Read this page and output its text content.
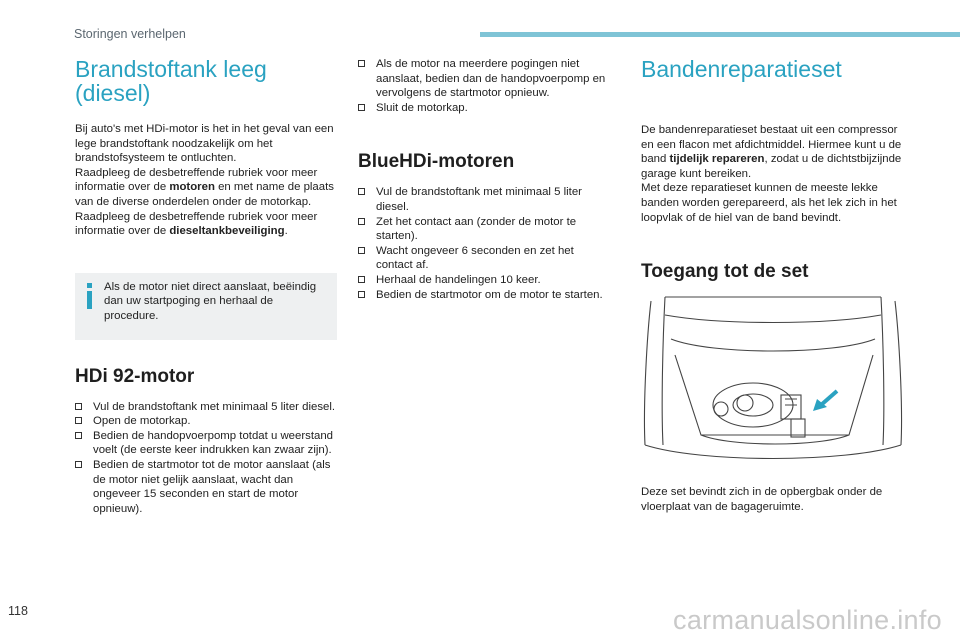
Storingen verhelpen
Brandstoftank leeg (diesel)

Bij auto's met HDi-motor is het in het geval van een lege brandstoftank noodzakelijk om het brandstofsysteem te ontluchten.

Raadpleeg de desbetreffende rubriek voor meer informatie over de motoren en met name de plaats van de diverse onderdelen onder de motorkap.

Raadpleeg de desbetreffende rubriek voor meer informatie over de dieseltankbeveiliging.

Als de motor niet direct aanslaat, beëindig dan uw startpoging en herhaal de procedure.
HDi 92-motor
Vul de brandstoftank met minimaal 5 liter diesel.
Open de motorkap.
Bedien de handopvoerpomp totdat u weerstand voelt (de eerste keer indrukken kan zwaar zijn).
Bedien de startmotor tot de motor aanslaat (als de motor niet gelijk aanslaat, wacht dan ongeveer 15 seconden en start de motor opnieuw).
Als de motor na meerdere pogingen niet aanslaat, bedien dan de handopvoerpomp en vervolgens de startmotor opnieuw.
Sluit de motorkap.
BlueHDi-motoren
Vul de brandstoftank met minimaal 5 liter diesel.
Zet het contact aan (zonder de motor te starten).
Wacht ongeveer 6 seconden en zet het contact af.
Herhaal de handelingen 10 keer.
Bedien de startmotor om de motor te starten.
Bandenreparatieset

De bandenreparatieset bestaat uit een compressor en een flacon met afdichtmiddel. Hiermee kunt u de band tijdelijk repareren, zodat u de dichtstbijzijnde garage kunt bereiken.

Met deze reparatieset kunnen de meeste lekke banden worden gerepareerd, als het lek zich in het loopvlak of de hiel van de band bevindt.

Toegang tot de set

Deze set bevindt zich in de opbergbak onder de vloerplaat van de bagageruimte.

118	carmanualsonline.info
